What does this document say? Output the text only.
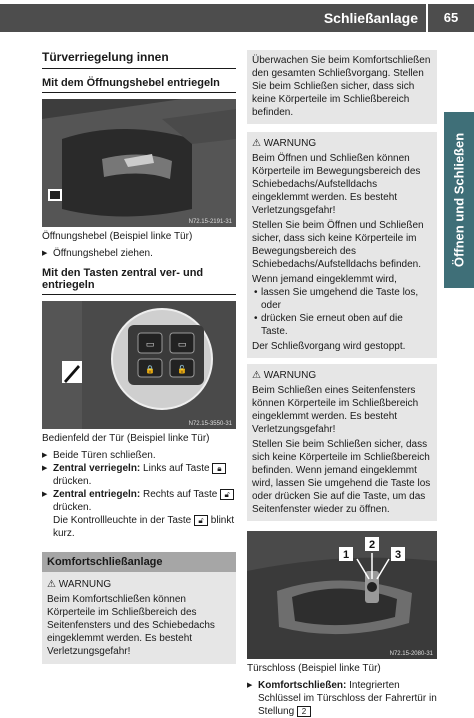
Schließanlage	65
Öffnen und Schließen
Türverriegelung innen
Mit dem Öffnungshebel entriegeln
N72.15-2191-31
Öffnungshebel (Beispiel linke Tür)
▶ Öffnungshebel ziehen.
Mit den Tasten zentral ver- und entriegeln
▭	▭
🔒	🔓
N72.15-3550-31
Bedienfeld der Tür (Beispiel linke Tür)
▶ Beide Türen schließen.
▶ Zentral verriegeln: Links auf Taste 🔒︎
drücken.
▶ Zentral entriegeln: Rechts auf Taste 🔓︎
drücken.
Die Kontrollleuchte in der Taste 🔓︎ blinkt kurz.
Komfortschließanlage
⚠ WARNUNG

Beim Komfortschließen können Körperteile im Schließbereich des Seitenfensters und des Schiebedachs eingeklemmt werden. Es besteht Verletzungsgefahr!

Überwachen Sie beim Komfortschließen den gesamten Schließvorgang. Stellen Sie beim Schließen sicher, dass sich keine Körperteile im Schließbereich befinden.

⚠ WARNUNG

Beim Öffnen und Schließen können Körperteile im Bewegungsbereich des Schiebedachs/Aufstelldachs eingeklemmt werden. Es besteht Verletzungsgefahr!

Stellen Sie beim Öffnen und Schließen sicher, dass sich keine Körperteile im Bewegungsbereich des Schiebedachs/Aufstelldachs befinden.

Wenn jemand eingeklemmt wird,

• lassen Sie umgehend die Taste los, oder
• drücken Sie erneut oben auf die Taste.

Der Schließvorgang wird gestoppt.

⚠ WARNUNG

Beim Schließen eines Seitenfensters können Körperteile im Schließbereich eingeklemmt werden. Es besteht Verletzungsgefahr!

Stellen Sie beim Schließen sicher, dass sich keine Körperteile im Schließbereich befinden. Wenn jemand eingeklemmt wird, lassen Sie umgehend die Taste los oder drücken Sie auf die Taste, um das Seitenfenster wieder zu öffnen.

1
2
3
N72.15-2080-31
Türschloss (Beispiel linke Tür)
▶ Komfortschließen: Integrierten Schlüssel im Türschloss der Fahrertür in Stellung 2
